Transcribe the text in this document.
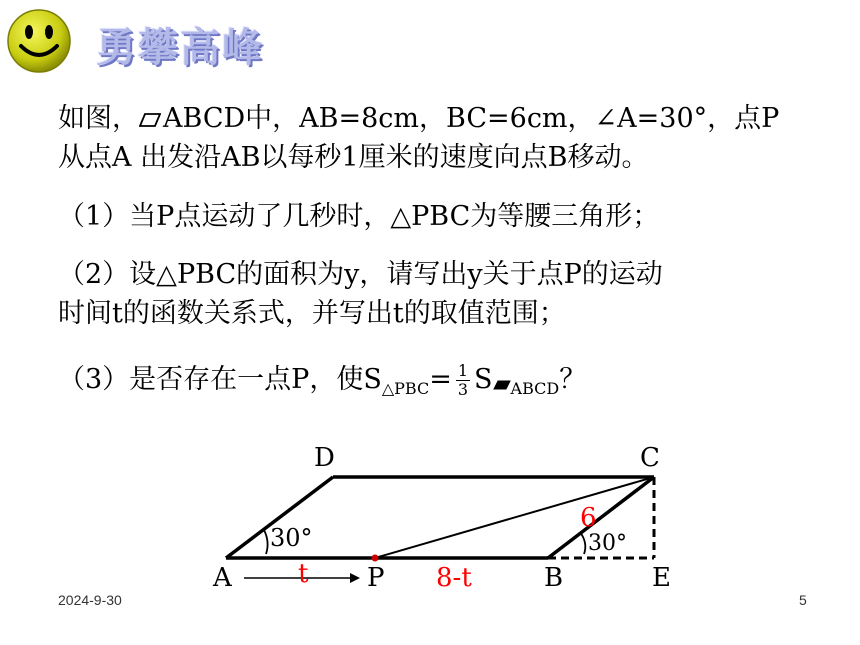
勇攀高峰
如图， ABCD中，AB=8cm，BC=6cm，∠A=30°，点P
从点A 出发沿AB以每秒1厘米的速度向点B移动。
（1）当P点运动了几秒时，△PBC为等腰三角形；
（2）设△PBC的面积为y，请写出y关于点P的运动
时间t的函数关系式，并写出t的取值范围；
（3）是否存在一点P，使$S_{\triangle PBC}= \frac{1}{3}$ S $_{ABCD}$？
D	C
A	P	B	E
30°	30°
6
t	8-t
2024-9-30	5
